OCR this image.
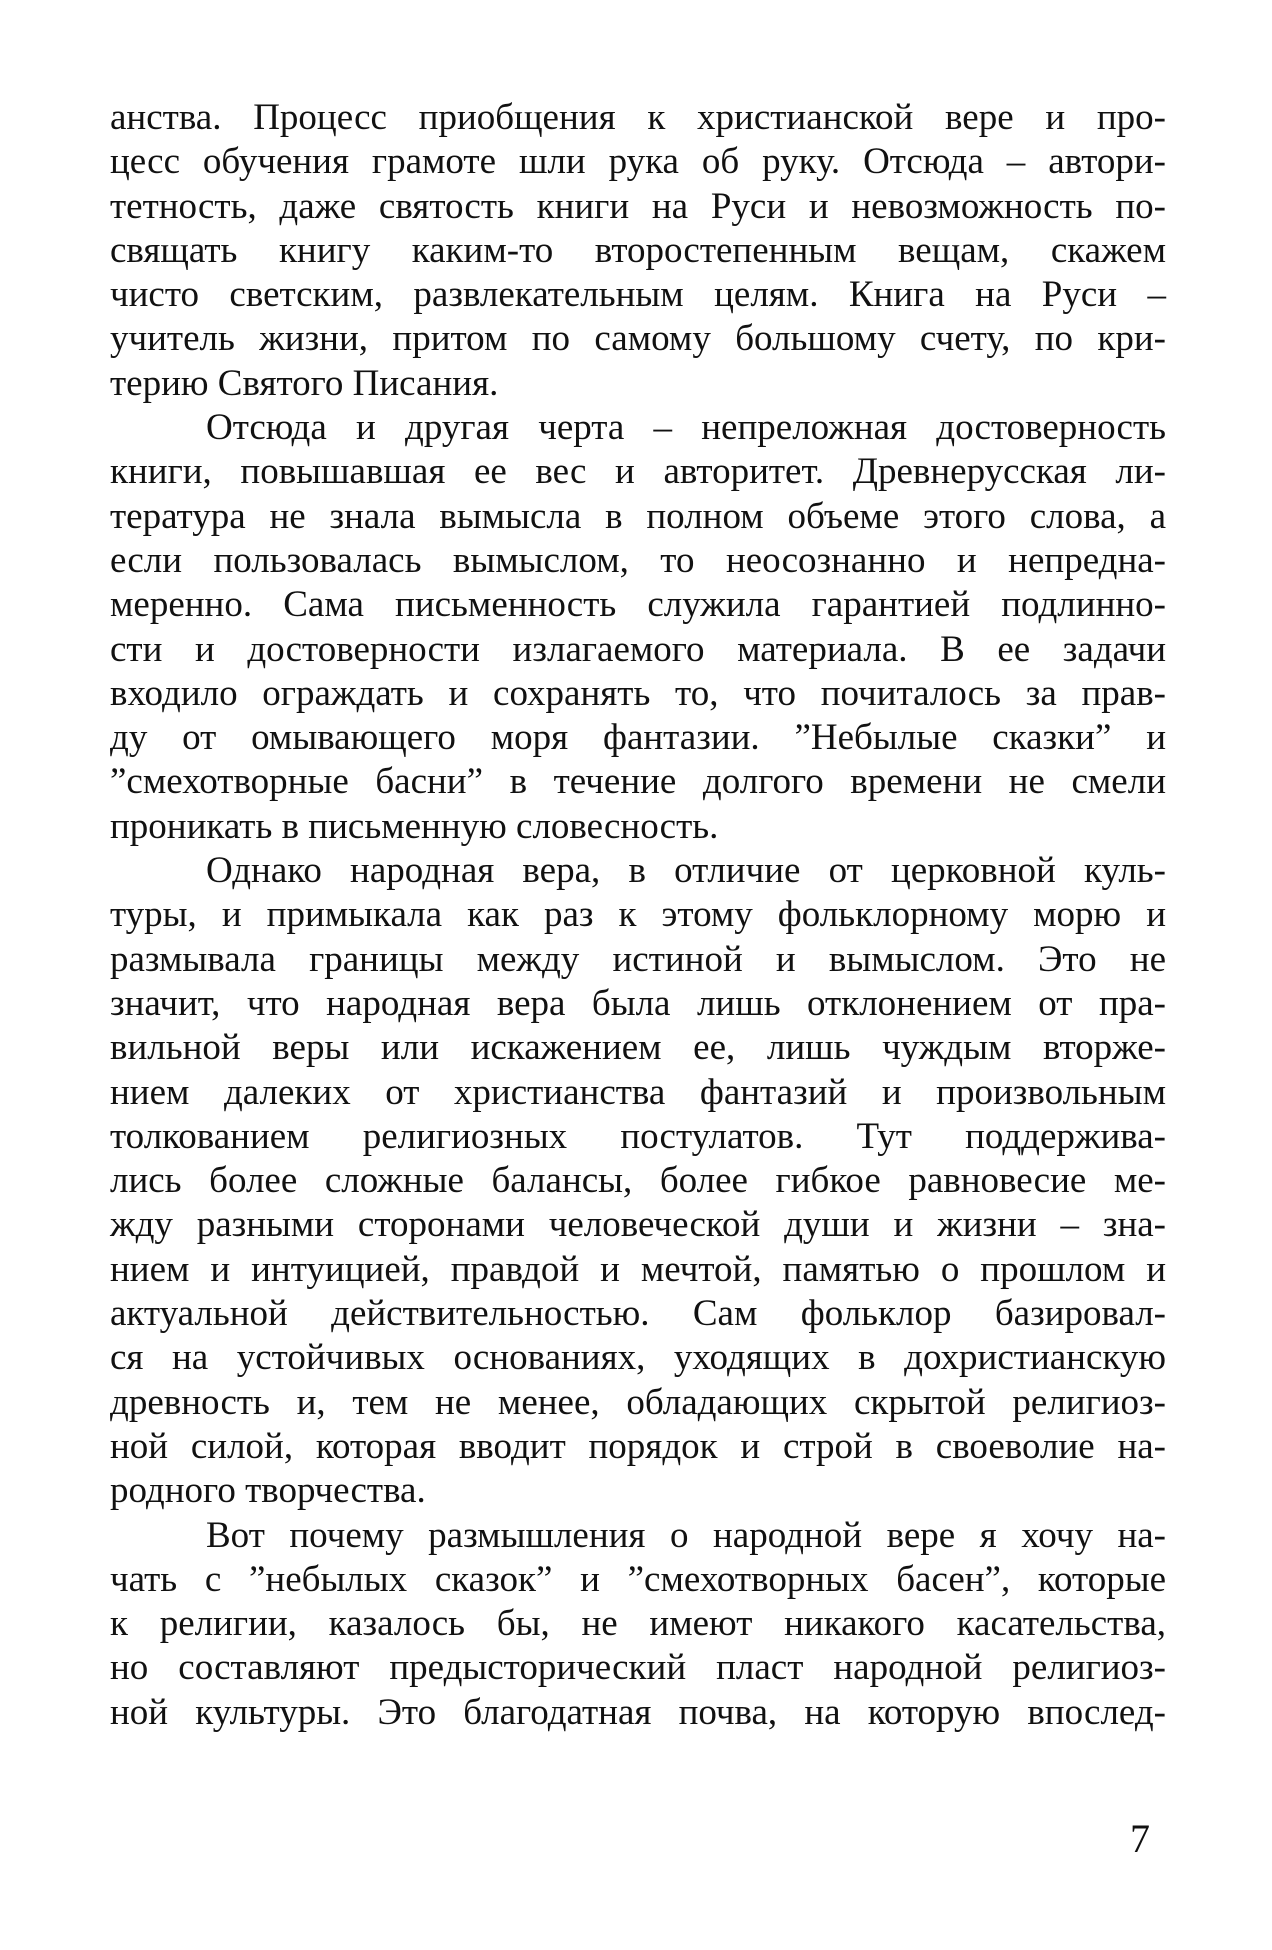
анства. Процесс приобщения к христианской вере и про-
цесс обучения грамоте шли рука об руку. Отсюда – автори-
тетность, даже святость книги на Руси и невозможность по-
свящать книгу каким-то второстепенным вещам, скажем
чисто светским, развлекательным целям. Книга на Руси –
учитель жизни, притом по самому большому счету, по кри-
терию Святого Писания.
Отсюда и другая черта – непреложная достоверность
книги, повышавшая ее вес и авторитет. Древнерусская ли-
тература не знала вымысла в полном объеме этого слова, а
если пользовалась вымыслом, то неосознанно и непредна-
меренно. Сама письменность служила гарантией подлинно-
сти и достоверности излагаемого материала. В ее задачи
входило ограждать и сохранять то, что почиталось за прав-
ду от омывающего моря фантазии. ”Небылые сказки” и
”смехотворные басни” в течение долгого времени не смели
проникать в письменную словесность.
Однако народная вера, в отличие от церковной куль-
туры, и примыкала как раз к этому фольклорному морю и
размывала границы между истиной и вымыслом. Это не
значит, что народная вера была лишь отклонением от пра-
вильной веры или искажением ее, лишь чуждым вторже-
нием далеких от христианства фантазий и произвольным
толкованием религиозных постулатов. Тут поддержива-
лись более сложные балансы, более гибкое равновесие ме-
жду разными сторонами человеческой души и жизни – зна-
нием и интуицией, правдой и мечтой, памятью о прошлом и
актуальной действительностью. Сам фольклор базировал-
ся на устойчивых основаниях, уходящих в дохристианскую
древность и, тем не менее, обладающих скрытой религиоз-
ной силой, которая вводит порядок и строй в своеволие на-
родного творчества.
Вот почему размышления о народной вере я хочу на-
чать с ”небылых сказок” и ”смехотворных басен”, которые
к религии, казалось бы, не имеют никакого касательства,
но составляют предысторический пласт народной религиоз-
ной культуры. Это благодатная почва, на которую впослед-
7
